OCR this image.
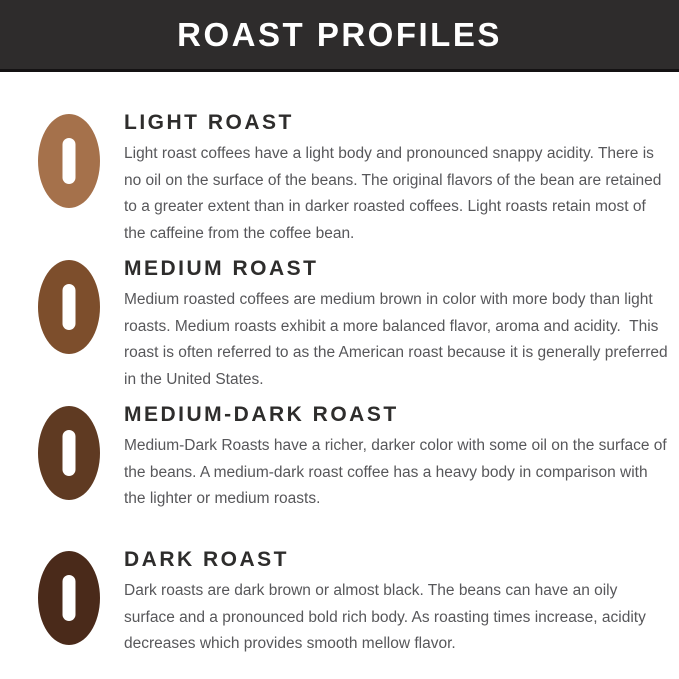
ROAST PROFILES
LIGHT ROAST
Light roast coffees have a light body and pronounced snappy acidity. There is no oil on the surface of the beans. The original flavors of the bean are retained to a greater extent than in darker roasted coffees. Light roasts retain most of the caffeine from the coffee bean.
MEDIUM ROAST
Medium roasted coffees are medium brown in color with more body than light roasts. Medium roasts exhibit a more balanced flavor, aroma and acidity.  This roast is often referred to as the American roast because it is generally preferred in the United States.
MEDIUM-DARK ROAST
Medium-Dark Roasts have a richer, darker color with some oil on the surface of the beans. A medium-dark roast coffee has a heavy body in comparison with the lighter or medium roasts.
DARK ROAST
Dark roasts are dark brown or almost black. The beans can have an oily surface and a pronounced bold rich body. As roasting times increase, acidity decreases which provides smooth mellow flavor.
